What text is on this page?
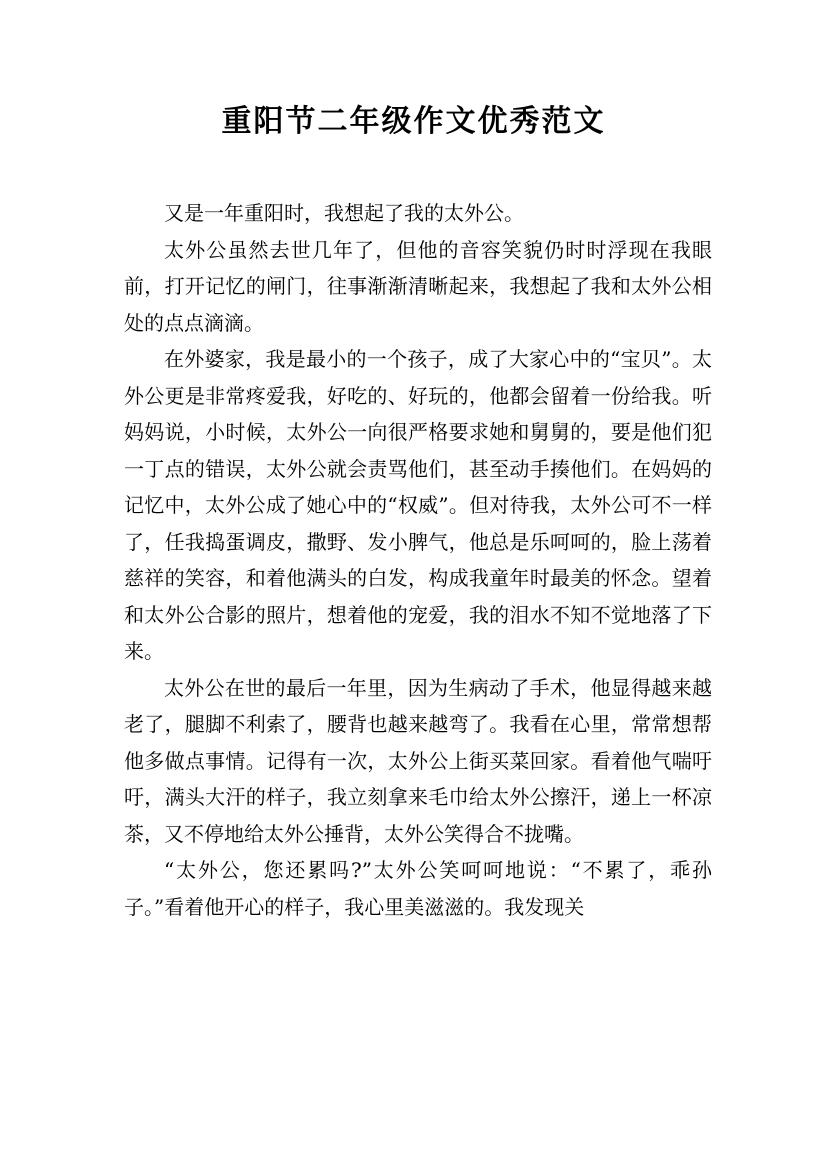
重阳节二年级作文优秀范文

又是一年重阳时，我想起了我的太外公。

太外公虽然去世几年了，但他的音容笑貌仍时时浮现在我眼前，打开记忆的闸门，往事渐渐清晰起来，我想起了我和太外公相处的点点滴滴。

在外婆家，我是最小的一个孩子，成了大家心中的“宝贝”。太外公更是非常疼爱我，好吃的、好玩的，他都会留着一份给我。听妈妈说，小时候，太外公一向很严格要求她和舅舅的，要是他们犯一丁点的错误，太外公就会责骂他们，甚至动手揍他们。在妈妈的记忆中，太外公成了她心中的“权威”。但对待我，太外公可不一样了，任我捣蛋调皮，撒野、发小脾气，他总是乐呵呵的，脸上荡着慈祥的笑容，和着他满头的白发，构成我童年时最美的怀念。望着和太外公合影的照片，想着他的宠爱，我的泪水不知不觉地落了下来。

太外公在世的最后一年里，因为生病动了手术，他显得越来越老了，腿脚不利索了，腰背也越来越弯了。我看在心里，常常想帮他多做点事情。记得有一次，太外公上街买菜回家。看着他气喘吁吁，满头大汗的样子，我立刻拿来毛巾给太外公擦汗，递上一杯凉茶，又不停地给太外公捶背，太外公笑得合不拢嘴。

“太外公，您还累吗?”太外公笑呵呵地说：“不累了，乖孙子。”看着他开心的样子，我心里美滋滋的。我发现关
